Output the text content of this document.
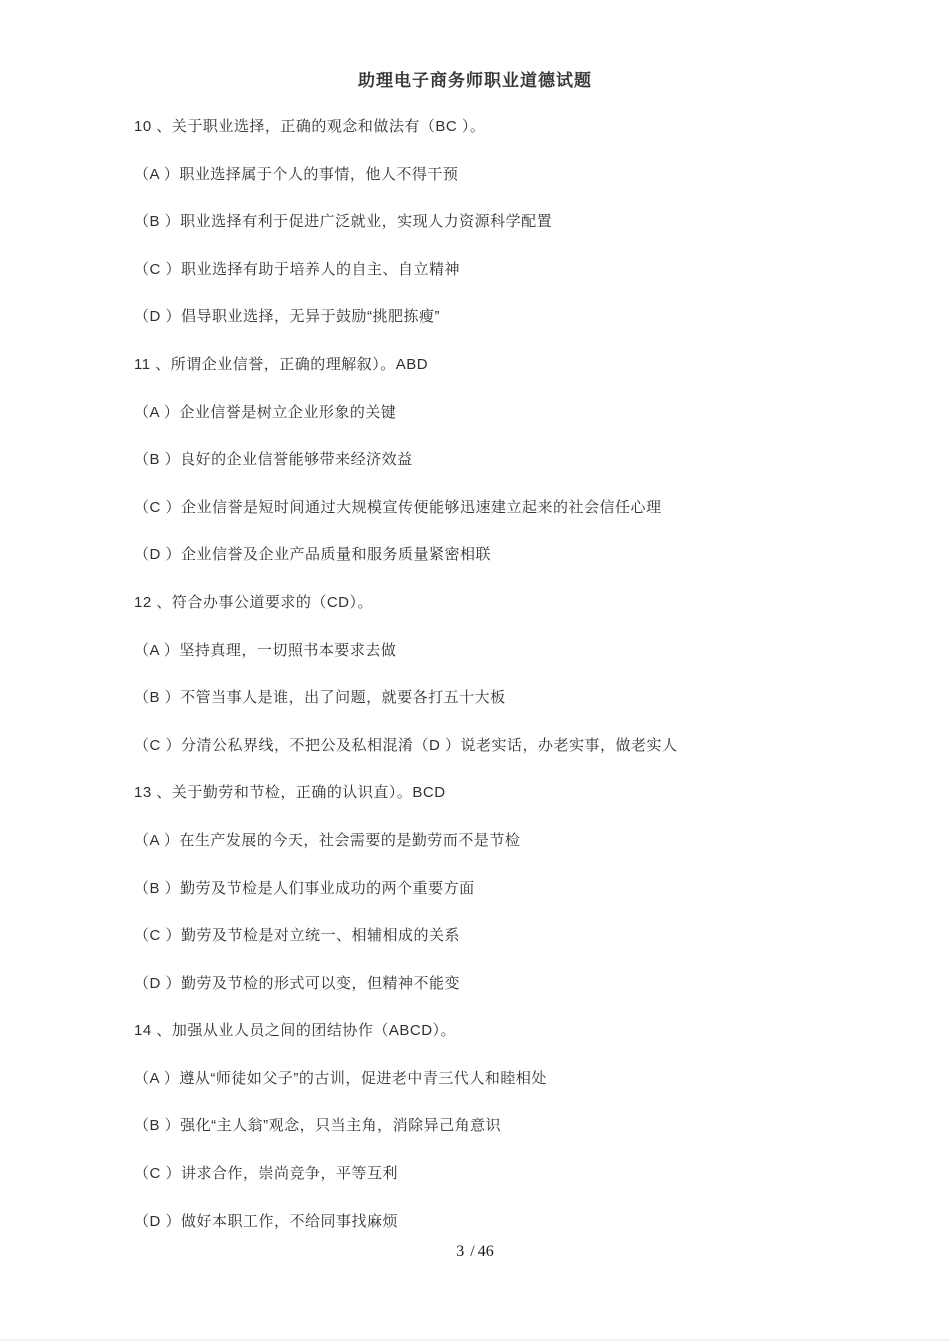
助理电子商务师职业道德试题
10 、关于职业选择，正确的观念和做法有（BC ）。
（A ）职业选择属于个人的事情，他人不得干预
（B ）职业选择有利于促进广泛就业，实现人力资源科学配置
（C ）职业选择有助于培养人的自主、自立精神
（D ）倡导职业选择，无异于鼓励“挑肥拣瘦”
11 、所谓企业信誉，正确的理解叙）。ABD
（A ）企业信誉是树立企业形象的关键
（B ）良好的企业信誉能够带来经济效益
（C ）企业信誉是短时间通过大规模宣传便能够迅速建立起来的社会信任心理
（D ）企业信誉及企业产品质量和服务质量紧密相联
12 、符合办事公道要求的（CD）。
（A ）坚持真理，一切照书本要求去做
（B ）不管当事人是谁，出了问题，就要各打五十大板
（C ）分清公私界线，不把公及私相混淆（D ）说老实话，办老实事，做老实人
13 、关于勤劳和节检，正确的认识直）。BCD
（A ）在生产发展的今天，社会需要的是勤劳而不是节检
（B ）勤劳及节检是人们事业成功的两个重要方面
（C ）勤劳及节检是对立统一、相辅相成的关系
（D ）勤劳及节检的形式可以变，但精神不能变
14 、加强从业人员之间的团结协作（ABCD）。
（A ）遵从“师徒如父子”的古训，促进老中青三代人和睦相处
（B ）强化“主人翁”观念，只当主角，消除异己角意识
（C ）讲求合作，崇尚竞争，平等互利
（D ）做好本职工作，不给同事找麻烦
3 / 46
